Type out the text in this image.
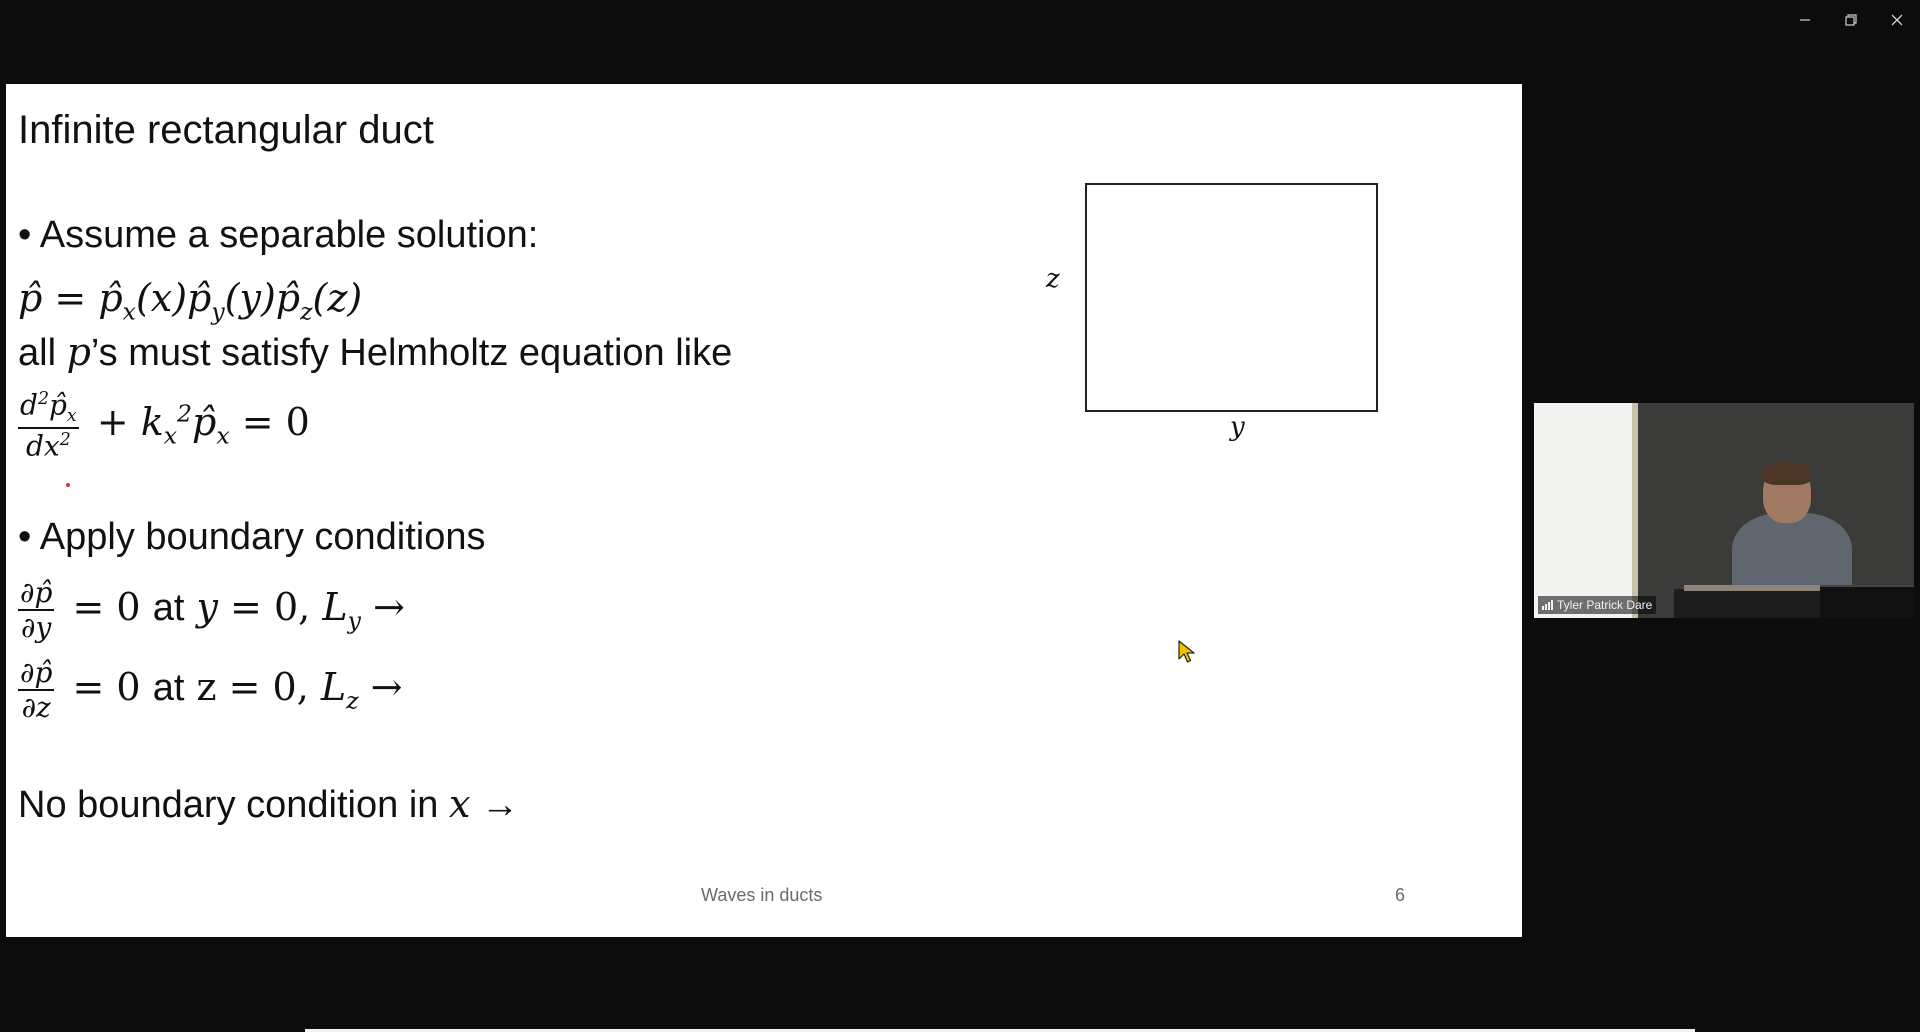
Infinite rectangular duct
• Assume a separable solution:
p̂ = $p̂_x(x)p̂_y(y)p̂_z(z)$
all p’s must satisfy Helmholtz equation like
$\frac{d^2p̂_x}{dx^2}$ + $k_x^2p̂_x = 0$
• Apply boundary conditions
$\frac{\partial p̂}{\partial y} = 0$ at y = 0, $L_y$ →
$\frac{\partial p̂}{\partial z} = 0$ at z = 0, $L_z$ →
No boundary condition in x →
z
y
Waves in ducts	6
Tyler Patrick Dare
